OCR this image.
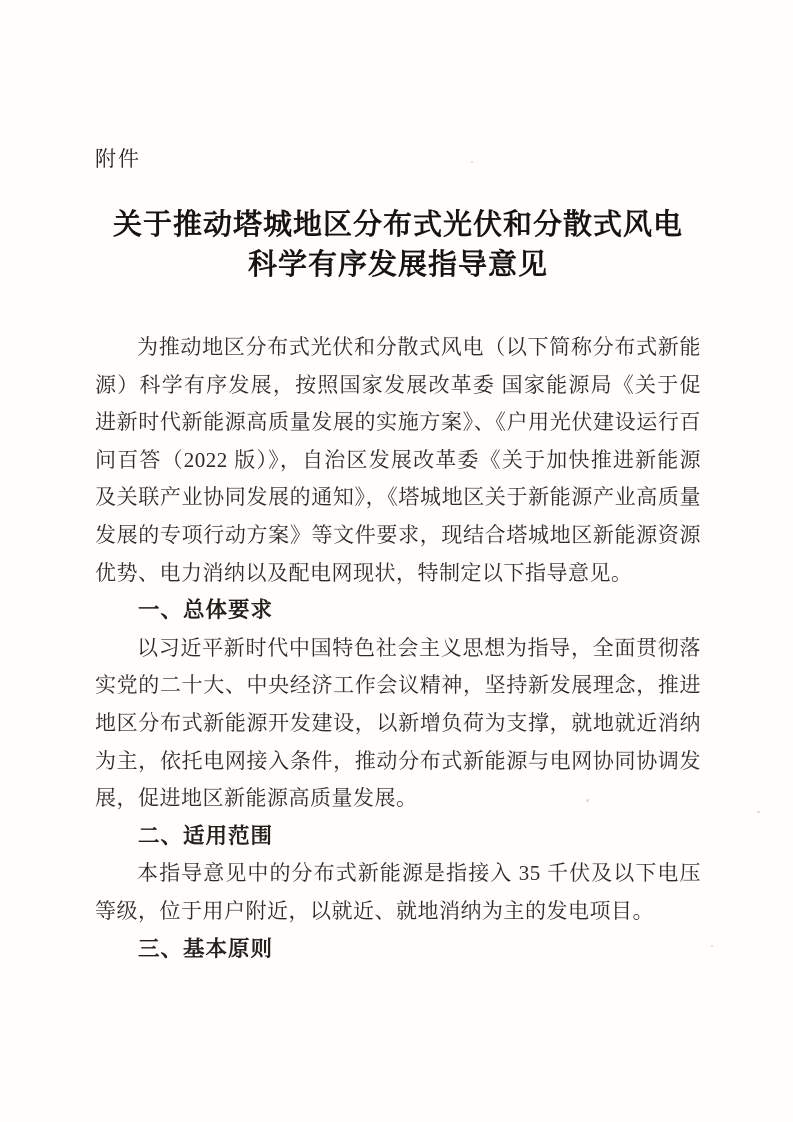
附件
关于推动塔城地区分布式光伏和分散式风电
科学有序发展指导意见

为推动地区分布式光伏和分散式风电（以下简称分布式新能源）科学有序发展，按照国家发展改革委 国家能源局《关于促进新时代新能源高质量发展的实施方案》、《户用光伏建设运行百问百答（2022 版）》，自治区发展改革委《关于加快推进新能源及关联产业协同发展的通知》，《塔城地区关于新能源产业高质量发展的专项行动方案》等文件要求，现结合塔城地区新能源资源优势、电力消纳以及配电网现状，特制定以下指导意见。

一、总体要求

以习近平新时代中国特色社会主义思想为指导，全面贯彻落实党的二十大、中央经济工作会议精神，坚持新发展理念，推进地区分布式新能源开发建设，以新增负荷为支撑，就地就近消纳为主，依托电网接入条件，推动分布式新能源与电网协同协调发展，促进地区新能源高质量发展。

二、适用范围

本指导意见中的分布式新能源是指接入 35 千伏及以下电压等级，位于用户附近，以就近、就地消纳为主的发电项目。

三、基本原则
